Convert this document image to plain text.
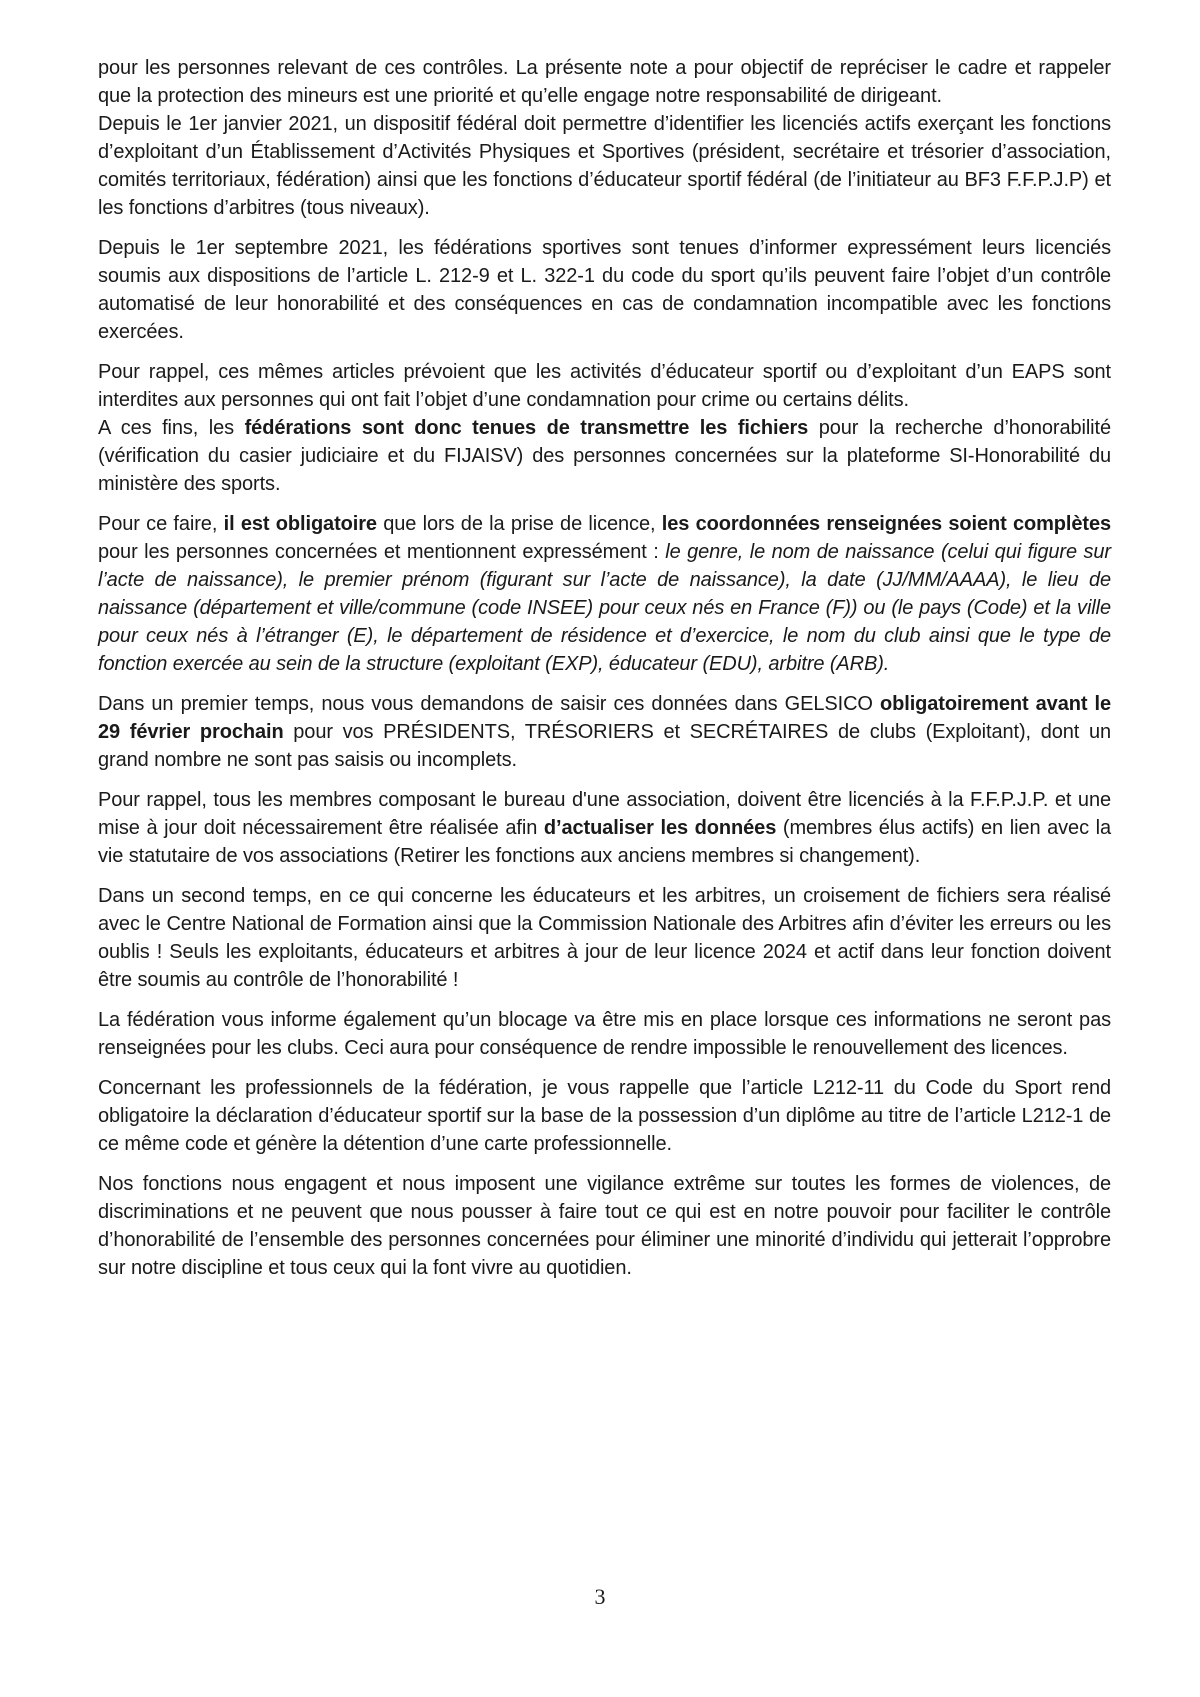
pour les personnes relevant de ces contrôles. La présente note a pour objectif de repréciser le cadre et rappeler que la protection des mineurs est une priorité et qu’elle engage notre responsabilité de dirigeant.

Depuis le 1er janvier 2021, un dispositif fédéral doit permettre d’identifier les licenciés actifs exerçant les fonctions d’exploitant d’un Établissement d’Activités Physiques et Sportives (président, secrétaire et trésorier d’association, comités territoriaux, fédération) ainsi que les fonctions d’éducateur sportif fédéral (de l’initiateur au BF3 F.F.P.J.P) et les fonctions d’arbitres (tous niveaux).

Depuis le 1er septembre 2021, les fédérations sportives sont tenues d’informer expressément leurs licenciés soumis aux dispositions de l’article L. 212-9 et L. 322-1 du code du sport qu’ils peuvent faire l’objet d’un contrôle automatisé de leur honorabilité et des conséquences en cas de condamnation incompatible avec les fonctions exercées.

Pour rappel, ces mêmes articles prévoient que les activités d’éducateur sportif ou d’exploitant d’un EAPS sont interdites aux personnes qui ont fait l’objet d’une condamnation pour crime ou certains délits.

A ces fins, les fédérations sont donc tenues de transmettre les fichiers pour la recherche d’honorabilité (vérification du casier judiciaire et du FIJAISV) des personnes concernées sur la plateforme SI-Honorabilité du ministère des sports.

Pour ce faire, il est obligatoire que lors de la prise de licence, les coordonnées renseignées soient complètes pour les personnes concernées et mentionnent expressément : le genre, le nom de naissance (celui qui figure sur l’acte de naissance), le premier prénom (figurant sur l’acte de naissance), la date (JJ/MM/AAAA), le lieu de naissance (département et ville/commune (code INSEE) pour ceux nés en France (F)) ou (le pays (Code) et la ville pour ceux nés à l’étranger (E), le département de résidence et d’exercice, le nom du club ainsi que le type de fonction exercée au sein de la structure (exploitant (EXP), éducateur (EDU), arbitre (ARB).

Dans un premier temps, nous vous demandons de saisir ces données dans GELSICO obligatoirement avant le 29 février prochain pour vos PRÉSIDENTS, TRÉSORIERS et SECRÉTAIRES de clubs (Exploitant), dont un grand nombre ne sont pas saisis ou incomplets.

Pour rappel, tous les membres composant le bureau d'une association, doivent être licenciés à la F.F.P.J.P. et une mise à jour doit nécessairement être réalisée afin d’actualiser les données (membres élus actifs) en lien avec la vie statutaire de vos associations (Retirer les fonctions aux anciens membres si changement).

Dans un second temps, en ce qui concerne les éducateurs et les arbitres, un croisement de fichiers sera réalisé avec le Centre National de Formation ainsi que la Commission Nationale des Arbitres afin d’éviter les erreurs ou les oublis ! Seuls les exploitants, éducateurs et arbitres à jour de leur licence 2024 et actif dans leur fonction doivent être soumis au contrôle de l’honorabilité !

La fédération vous informe également qu’un blocage va être mis en place lorsque ces informations ne seront pas renseignées pour les clubs. Ceci aura pour conséquence de rendre impossible le renouvellement des licences.

Concernant les professionnels de la fédération, je vous rappelle que l’article L212-11 du Code du Sport rend obligatoire la déclaration d’éducateur sportif sur la base de la possession d’un diplôme au titre de l’article L212-1 de ce même code et génère la détention d’une carte professionnelle.

Nos fonctions nous engagent et nous imposent une vigilance extrême sur toutes les formes de violences, de discriminations et ne peuvent que nous pousser à faire tout ce qui est en notre pouvoir pour faciliter le contrôle d’honorabilité de l’ensemble des personnes concernées pour éliminer une minorité d’individu qui jetterait l’opprobre sur notre discipline et tous ceux qui la font vivre au quotidien.

3
